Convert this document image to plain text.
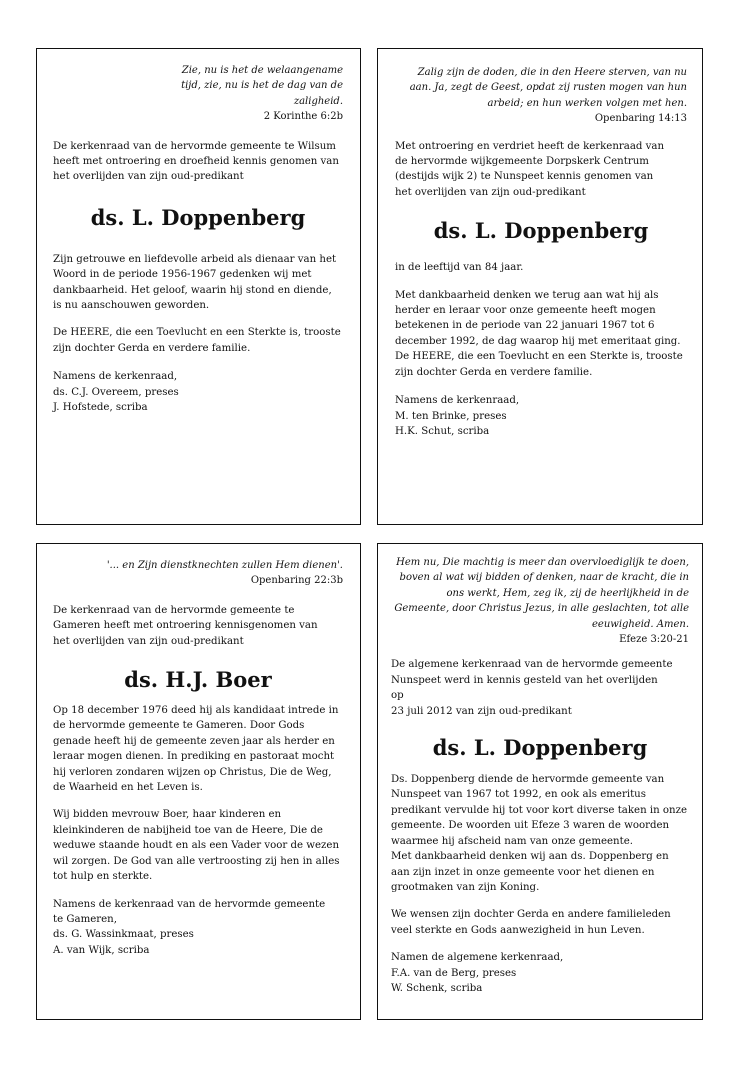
Zie, nu is het de welaangename tijd, zie, nu is het de dag van de zaligheid.
2 Korinthe 6:2b

De kerkenraad van de hervormde gemeente te Wilsum heeft met ontroering en droefheid kennis genomen van het overlijden van zijn oud-predikant

ds. L. Doppenberg

Zijn getrouwe en liefdevolle arbeid als dienaar van het Woord in de periode 1956-1967 gedenken wij met dankbaarheid. Het geloof, waarin hij stond en diende, is nu aanschouwen geworden.

De HEERE, die een Toevlucht en een Sterkte is, trooste zijn dochter Gerda en verdere familie.

Namens de kerkenraad,

ds. C.J. Overeem, preses

J. Hofstede, scriba

Zalig zijn de doden, die in den Heere sterven, van nu aan. Ja, zegt de Geest, opdat zij rusten mogen van hun arbeid; en hun werken volgen met hen.
Openbaring 14:13

Met ontroering en verdriet heeft de kerkenraad van de hervormde wijkgemeente Dorpskerk Centrum (destijds wijk 2) te Nunspeet kennis genomen van het overlijden van zijn oud-predikant

ds. L. Doppenberg

in de leeftijd van 84 jaar.

Met dankbaarheid denken we terug aan wat hij als herder en leraar voor onze gemeente heeft mogen betekenen in de periode van 22 januari 1967 tot 6 december 1992, de dag waarop hij met emeritaat ging.

De HEERE, die een Toevlucht en een Sterkte is, trooste zijn dochter Gerda en verdere familie.

Namens de kerkenraad,

M. ten Brinke, preses

H.K. Schut, scriba

'... en Zijn dienstknechten zullen Hem dienen'.
Openbaring 22:3b

De kerkenraad van de hervormde gemeente te Gameren heeft met ontroering kennisgenomen van het overlijden van zijn oud-predikant

ds. H.J. Boer

Op 18 december 1976 deed hij als kandidaat intrede in de hervormde gemeente te Gameren. Door Gods genade heeft hij de gemeente zeven jaar als herder en leraar mogen dienen. In prediking en pastoraat mocht hij verloren zondaren wijzen op Christus, Die de Weg, de Waarheid en het Leven is.

Wij bidden mevrouw Boer, haar kinderen en kleinkinderen de nabijheid toe van de Heere, Die de weduwe staande houdt en als een Vader voor de wezen wil zorgen. De God van alle vertroosting zij hen in alles tot hulp en sterkte.

Namens de kerkenraad van de hervormde gemeente te Gameren,

ds. G. Wassinkmaat, preses

A. van Wijk, scriba

Hem nu, Die machtig is meer dan overvloediglijk te doen, boven al wat wij bidden of denken, naar de kracht, die in ons werkt, Hem, zeg ik, zij de heerlijkheid in de Gemeente, door Christus Jezus, in alle geslachten, tot alle eeuwigheid. Amen.
Efeze 3:20-21

De algemene kerkenraad van de hervormde gemeente Nunspeet werd in kennis gesteld van het overlijden op

23 juli 2012 van zijn oud-predikant

ds. L. Doppenberg

Ds. Doppenberg diende de hervormde gemeente van Nunspeet van 1967 tot 1992, en ook als emeritus predikant vervulde hij tot voor kort diverse taken in onze gemeente. De woorden uit Efeze 3 waren de woorden waarmee hij afscheid nam van onze gemeente.

Met dankbaarheid denken wij aan ds. Doppenberg en aan zijn inzet in onze gemeente voor het dienen en grootmaken van zijn Koning.

We wensen zijn dochter Gerda en andere familieleden veel sterkte en Gods aanwezigheid in hun Leven.

Namen de algemene kerkenraad,

F.A. van de Berg, preses

W. Schenk, scriba
